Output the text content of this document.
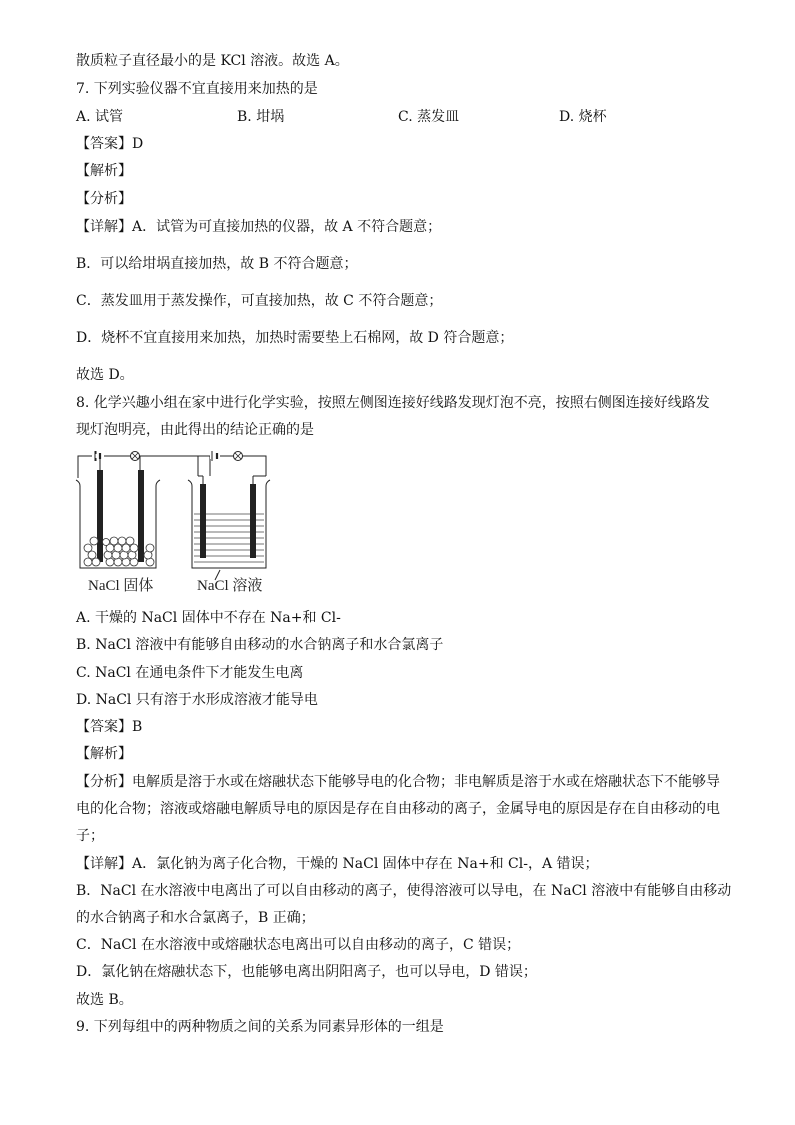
散质粒子直径最小的是 KCl 溶液。故选 A。
7. 下列实验仪器不宜直接用来加热的是
A. 试管	B. 坩埚	C. 蒸发皿	D. 烧杯
【答案】D
【解析】
【分析】
【详解】A．试管为可直接加热的仪器，故 A 不符合题意；
B．可以给坩埚直接加热，故 B 不符合题意；
C．蒸发皿用于蒸发操作，可直接加热，故 C 不符合题意；
D．烧杯不宜直接用来加热，加热时需要垫上石棉网，故 D 符合题意；
故选 D。
8. 化学兴趣小组在家中进行化学实验，按照左侧图连接好线路发现灯泡不亮，按照右侧图连接好线路发
现灯泡明亮，由此得出的结论正确的是
NaCl 固体	NaCl 溶液
A. 干燥的 NaCl 固体中不存在 Na+和 Cl-
B. NaCl 溶液中有能够自由移动的水合钠离子和水合氯离子
C. NaCl 在通电条件下才能发生电离
D. NaCl 只有溶于水形成溶液才能导电
【答案】B
【解析】
【分析】电解质是溶于水或在熔融状态下能够导电的化合物；非电解质是溶于水或在熔融状态下不能够导
电的化合物；溶液或熔融电解质导电的原因是存在自由移动的离子，金属导电的原因是存在自由移动的电
子；
【详解】A．氯化钠为离子化合物，干燥的 NaCl 固体中存在 Na+和 Cl-，A 错误；
B．NaCl 在水溶液中电离出了可以自由移动的离子，使得溶液可以导电，在 NaCl 溶液中有能够自由移动
的水合钠离子和水合氯离子，B 正确；
C．NaCl 在水溶液中或熔融状态电离出可以自由移动的离子，C 错误；
D．氯化钠在熔融状态下，也能够电离出阴阳离子，也可以导电，D 错误；
故选 B。
9. 下列每组中的两种物质之间的关系为同素异形体的一组是
